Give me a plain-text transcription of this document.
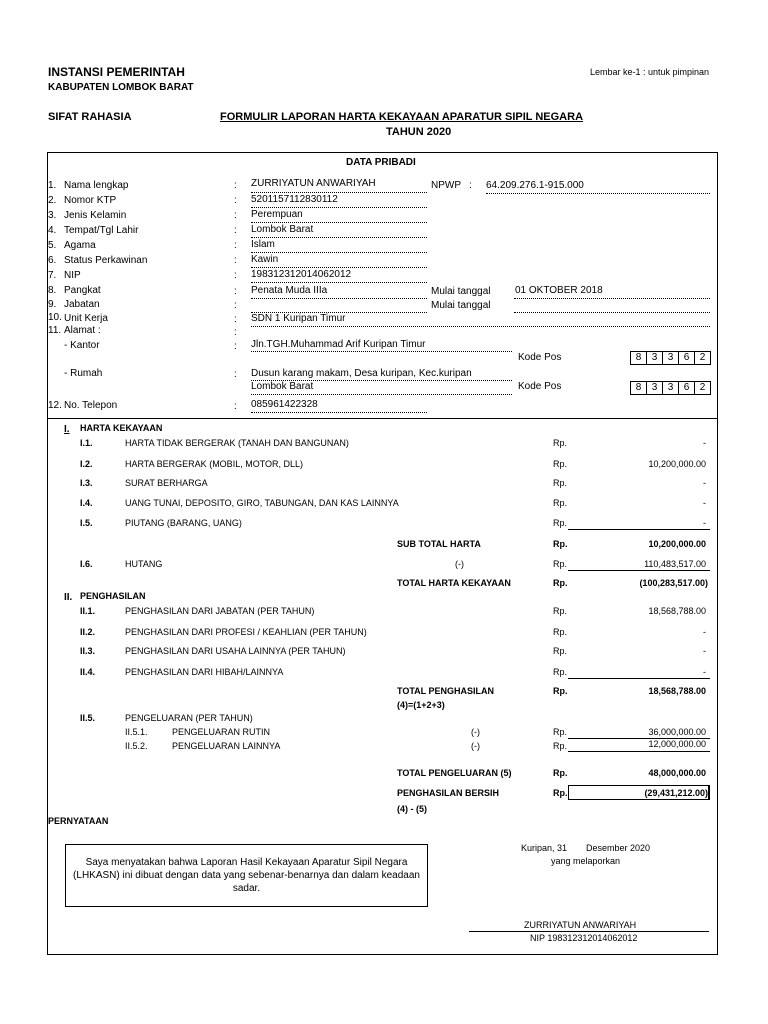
INSTANSI PEMERINTAH
KABUPATEN LOMBOK BARAT
Lembar ke-1 : untuk pimpinan
SIFAT RAHASIA	FORMULIR LAPORAN HARTA KEKAYAAN APARATUR SIPIL NEGARA
TAHUN 2020
DATA PRIBADI
1. Nama lengkap	: ZURRIYATUN ANWARIYAH	NPWP : 64.209.276.1-915.000
2. Nomor KTP	: 5201157112830112
3. Jenis Kelamin	: Perempuan
4. Tempat/Tgl Lahir	: Lombok Barat
5. Agama	: Islam
6. Status Perkawinan	: Kawin
7. NIP	: 198312312014062012
8. Pangkat	: Penata Muda IIIa	Mulai tanggal 01 OKTOBER 2018
9. Jabatan	:	Mulai tanggal
10. Unit Kerja	: SDN 1 Kuripan Timur
11. Alamat :	:
- Kantor	: Jln.TGH.Muhammad Arif Kuripan Timur
Kode Pos	8	3	3	6	2
- Rumah	: Dusun karang makam, Desa kuripan, Kec.kuripan
Lombok Barat	Kode Pos	8	3	3	6	2
12. No. Telepon	: 085961422328
I. HARTA KEKAYAAN
I.1.	HARTA TIDAK BERGERAK (TANAH DAN BANGUNAN)	Rp.	-
I.2.	HARTA BERGERAK (MOBIL, MOTOR, DLL)	Rp.	10,200,000.00
I.3.	SURAT BERHARGA	Rp.	-
I.4.	UANG TUNAI, DEPOSITO, GIRO, TABUNGAN, DAN KAS LAINNYA	Rp.	-
I.5.	PIUTANG (BARANG, UANG)	Rp.	-
SUB TOTAL HARTA	Rp.	10,200,000.00
I.6.	HUTANG	(-)	Rp.	110,483,517.00
TOTAL HARTA KEKAYAAN	Rp.	(100,283,517.00)
II. PENGHASILAN
II.1.	PENGHASILAN DARI JABATAN (PER TAHUN)	Rp.	18,568,788.00
II.2.	PENGHASILAN DARI PROFESI / KEAHLIAN (PER TAHUN)	Rp.	-
II.3.	PENGHASILAN DARI USAHA LAINNYA (PER TAHUN)	Rp.	-
II.4.	PENGHASILAN DARI HIBAH/LAINNYA	Rp.	-
TOTAL PENGHASILAN
(4)=(1+2+3)
Rp.	18,568,788.00
II.5.	PENGELUARAN (PER TAHUN)
II.5.1.	PENGELUARAN RUTIN	(-)	Rp.	36,000,000.00
II.5.2.	PENGELUARAN LAINNYA	(-)	Rp.	12,000,000.00
TOTAL PENGELUARAN (5)	Rp.	48,000,000.00
PENGHASILAN BERSIH
(4) - (5)
Rp.	(29,431,212.00)
PERNYATAAN
Saya menyatakan bahwa Laporan Hasil Kekayaan Aparatur Sipil Negara (LHKASN) ini dibuat dengan data yang sebenar-benarnya dan dalam keadaan sadar.
Kuripan, 31 Desember 2020
yang melaporkan
ZURRIYATUN ANWARIYAH
NIP 198312312014062012
